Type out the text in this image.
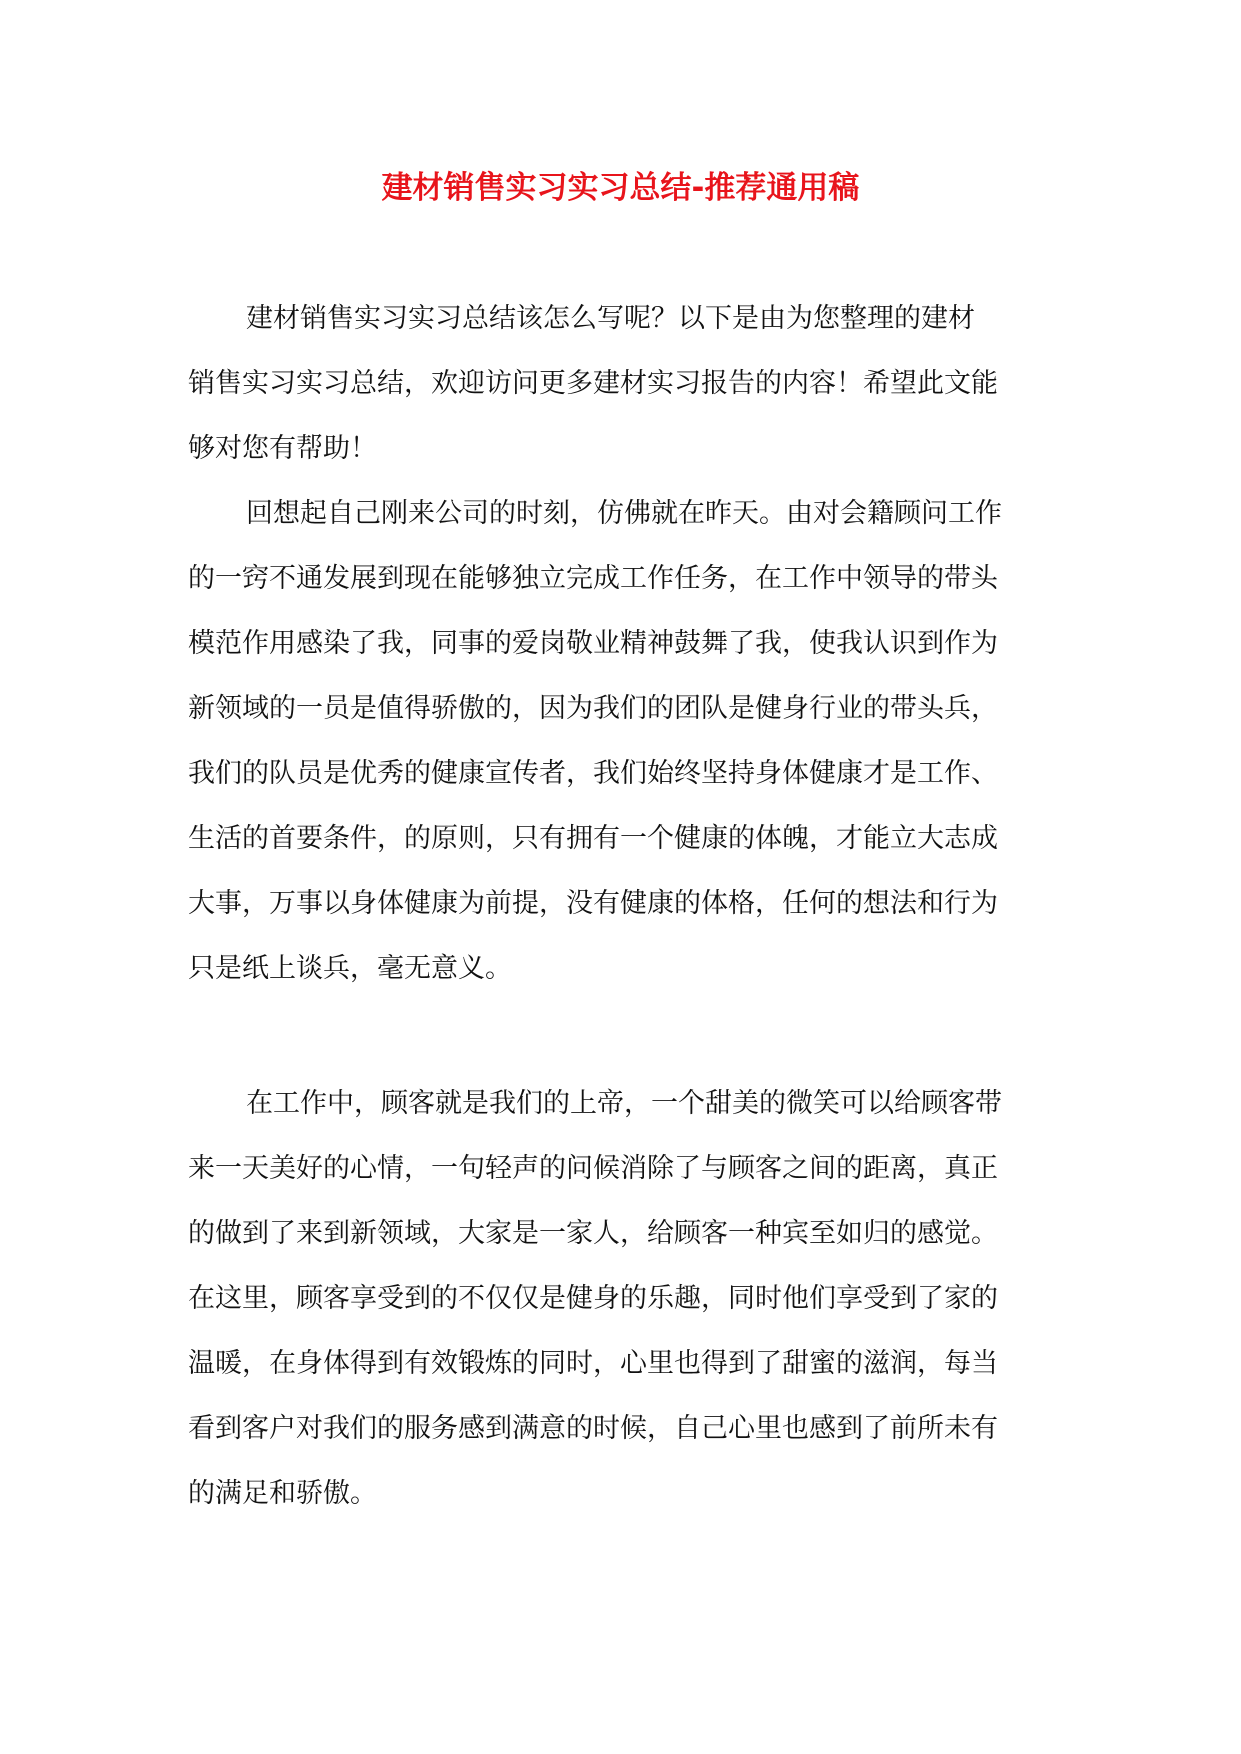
建材销售实习实习总结-推荐通用稿
建材销售实习实习总结该怎么写呢？以下是由为您整理的建材
销售实习实习总结，欢迎访问更多建材实习报告的内容！希望此文能
够对您有帮助！
回想起自己刚来公司的时刻，仿佛就在昨天。由对会籍顾问工作
的一窍不通发展到现在能够独立完成工作任务，在工作中领导的带头
模范作用感染了我，同事的爱岗敬业精神鼓舞了我，使我认识到作为
新领域的一员是值得骄傲的，因为我们的团队是健身行业的带头兵，
我们的队员是优秀的健康宣传者，我们始终坚持身体健康才是工作、
生活的首要条件，的原则，只有拥有一个健康的体魄，才能立大志成
大事，万事以身体健康为前提，没有健康的体格，任何的想法和行为
只是纸上谈兵，毫无意义。
在工作中，顾客就是我们的上帝，一个甜美的微笑可以给顾客带
来一天美好的心情，一句轻声的问候消除了与顾客之间的距离，真正
的做到了来到新领域，大家是一家人，给顾客一种宾至如归的感觉。
在这里，顾客享受到的不仅仅是健身的乐趣，同时他们享受到了家的
温暖，在身体得到有效锻炼的同时，心里也得到了甜蜜的滋润，每当
看到客户对我们的服务感到满意的时候，自己心里也感到了前所未有
的满足和骄傲。
